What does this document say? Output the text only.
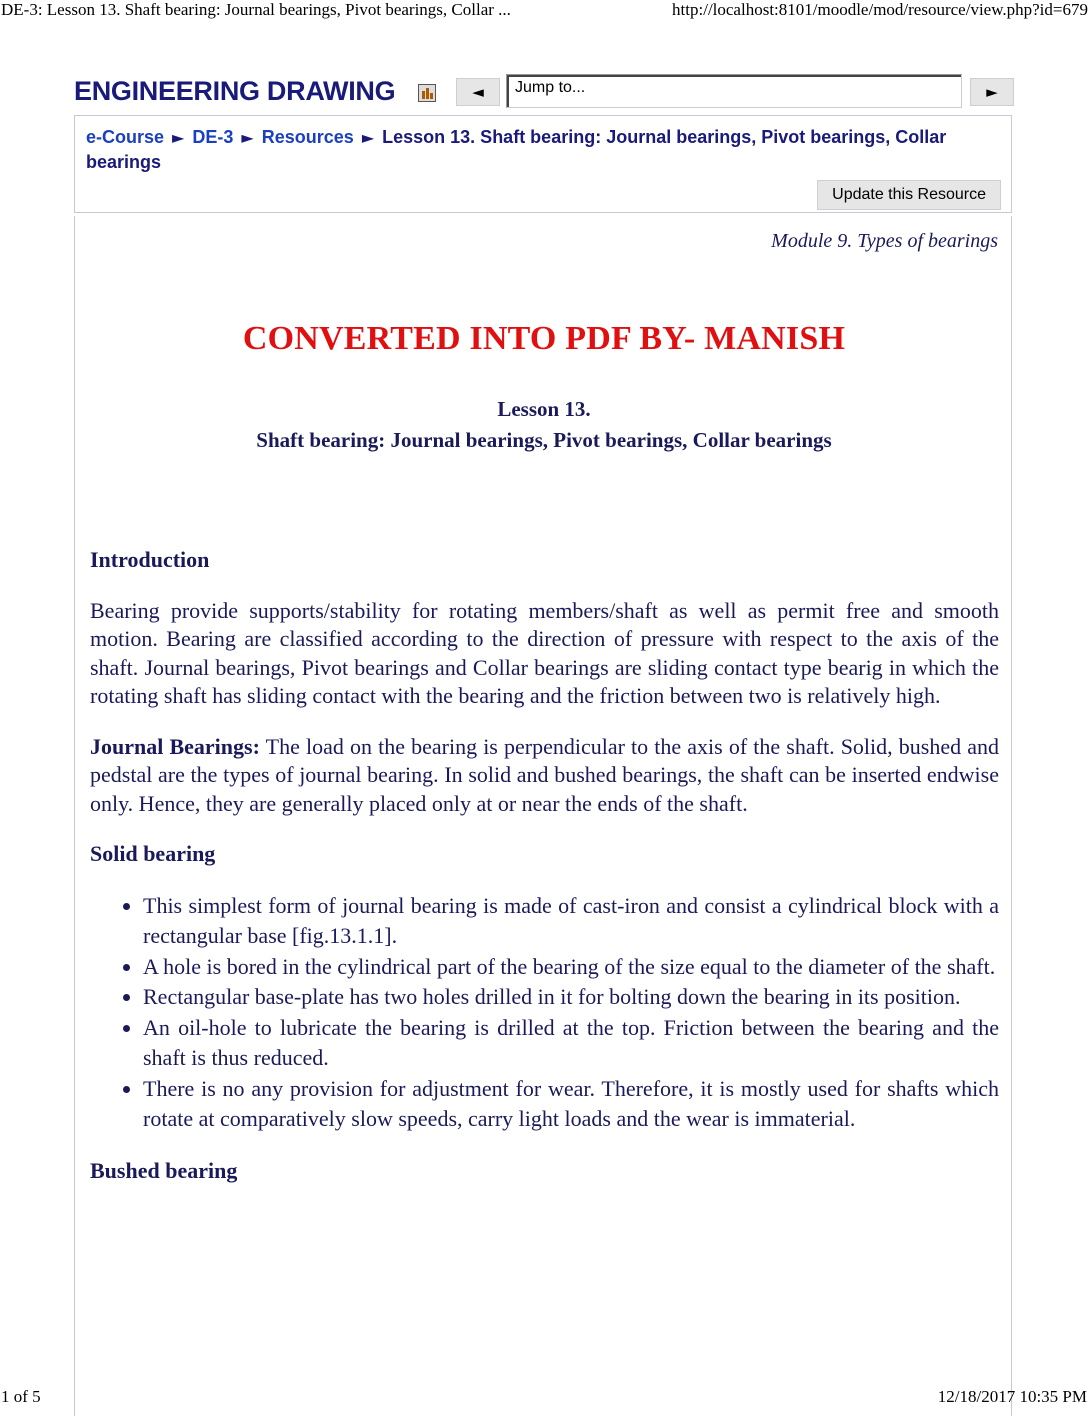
DE-3: Lesson 13. Shaft bearing: Journal bearings, Pivot bearings, Collar ...	http://localhost:8101/moodle/mod/resource/view.php?id=679
ENGINEERING DRAWING	◄	Jump to...	►
e-Course ► DE-3 ► Resources ► Lesson 13. Shaft bearing: Journal bearings, Pivot bearings, Collar bearings
Update this Resource
Module 9. Types of bearings
CONVERTED INTO PDF BY- MANISH
Lesson 13.
Shaft bearing: Journal bearings, Pivot bearings, Collar bearings
Introduction

Bearing provide supports/stability for rotating members/shaft as well as permit free and smooth motion. Bearing are classified according to the direction of pressure with respect to the axis of the shaft. Journal bearings, Pivot bearings and Collar bearings are sliding contact type bearig in which the rotating shaft has sliding contact with the bearing and the friction between two is relatively high.

Journal Bearings: The load on the bearing is perpendicular to the axis of the shaft. Solid, bushed and pedstal are the types of journal bearing. In solid and bushed bearings, the shaft can be inserted endwise only. Hence, they are generally placed only at or near the ends of the shaft.

Solid bearing
• This simplest form of journal bearing is made of cast-iron and consist a cylindrical block with a rectangular base [fig.13.1.1].
• A hole is bored in the cylindrical part of the bearing of the size equal to the diameter of the shaft.
• Rectangular base-plate has two holes drilled in it for bolting down the bearing in its position.
• An oil-hole to lubricate the bearing is drilled at the top. Friction between the bearing and the shaft is thus reduced.
• There is no any provision for adjustment for wear. Therefore, it is mostly used for shafts which rotate at comparatively slow speeds, carry light loads and the wear is immaterial.
Bushed bearing
1 of 5	12/18/2017 10:35 PM
